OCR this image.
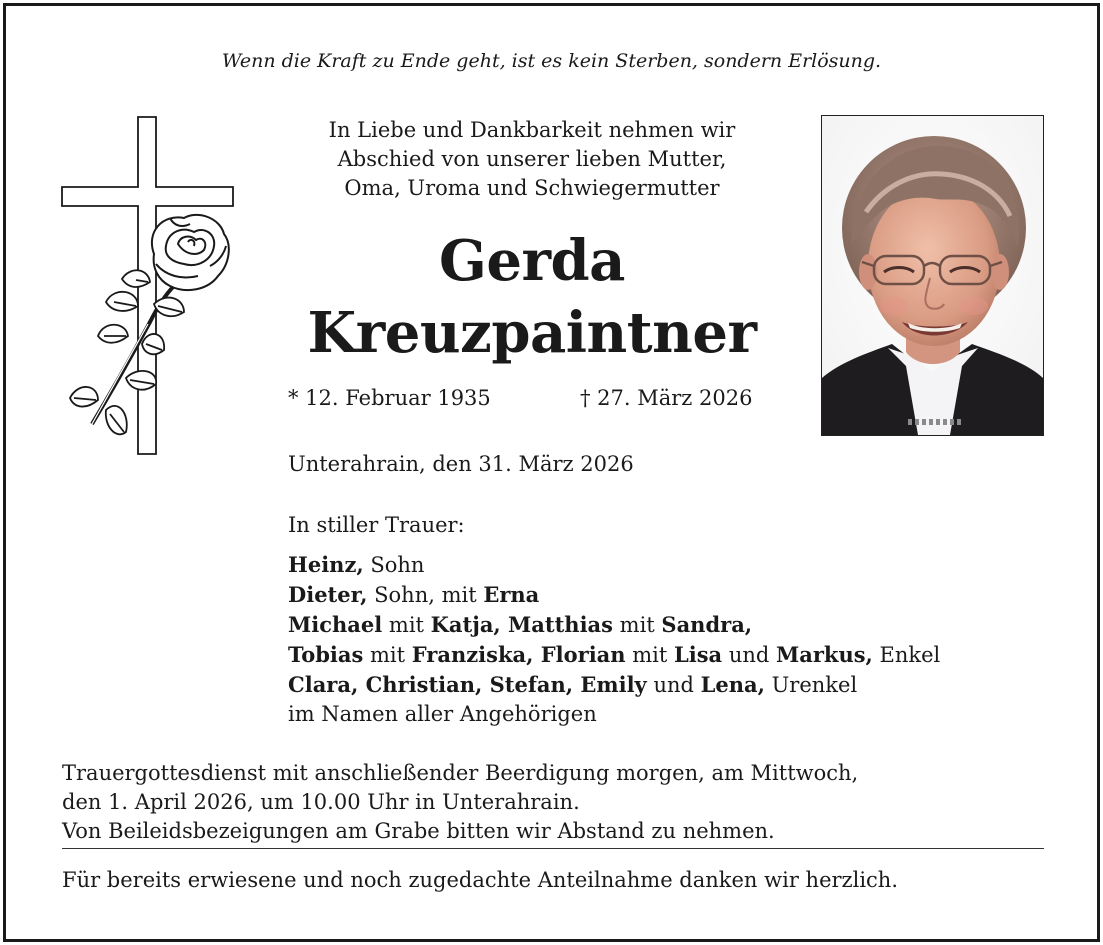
Wenn die Kraft zu Ende geht, ist es kein Sterben, sondern Erlösung.
In Liebe und Dankbarkeit nehmen wir
Abschied von unserer lieben Mutter,
Oma, Uroma und Schwiegermutter
Gerda
Kreuzpaintner
* 12. Februar 1935	† 27. März 2026
Unterahrain, den 31. März 2026
In stiller Trauer:
Heinz, Sohn
Dieter, Sohn, mit Erna
Michael mit Katja, Matthias mit Sandra,
Tobias mit Franziska, Florian mit Lisa und Markus, Enkel
Clara, Christian, Stefan, Emily und Lena, Urenkel
im Namen aller Angehörigen
Trauergottesdienst mit anschließender Beerdigung morgen, am Mittwoch,
den 1. April 2026, um 10.00 Uhr in Unterahrain.
Von Beileidsbezeigungen am Grabe bitten wir Abstand zu nehmen.
Für bereits erwiesene und noch zugedachte Anteilnahme danken wir herzlich.
